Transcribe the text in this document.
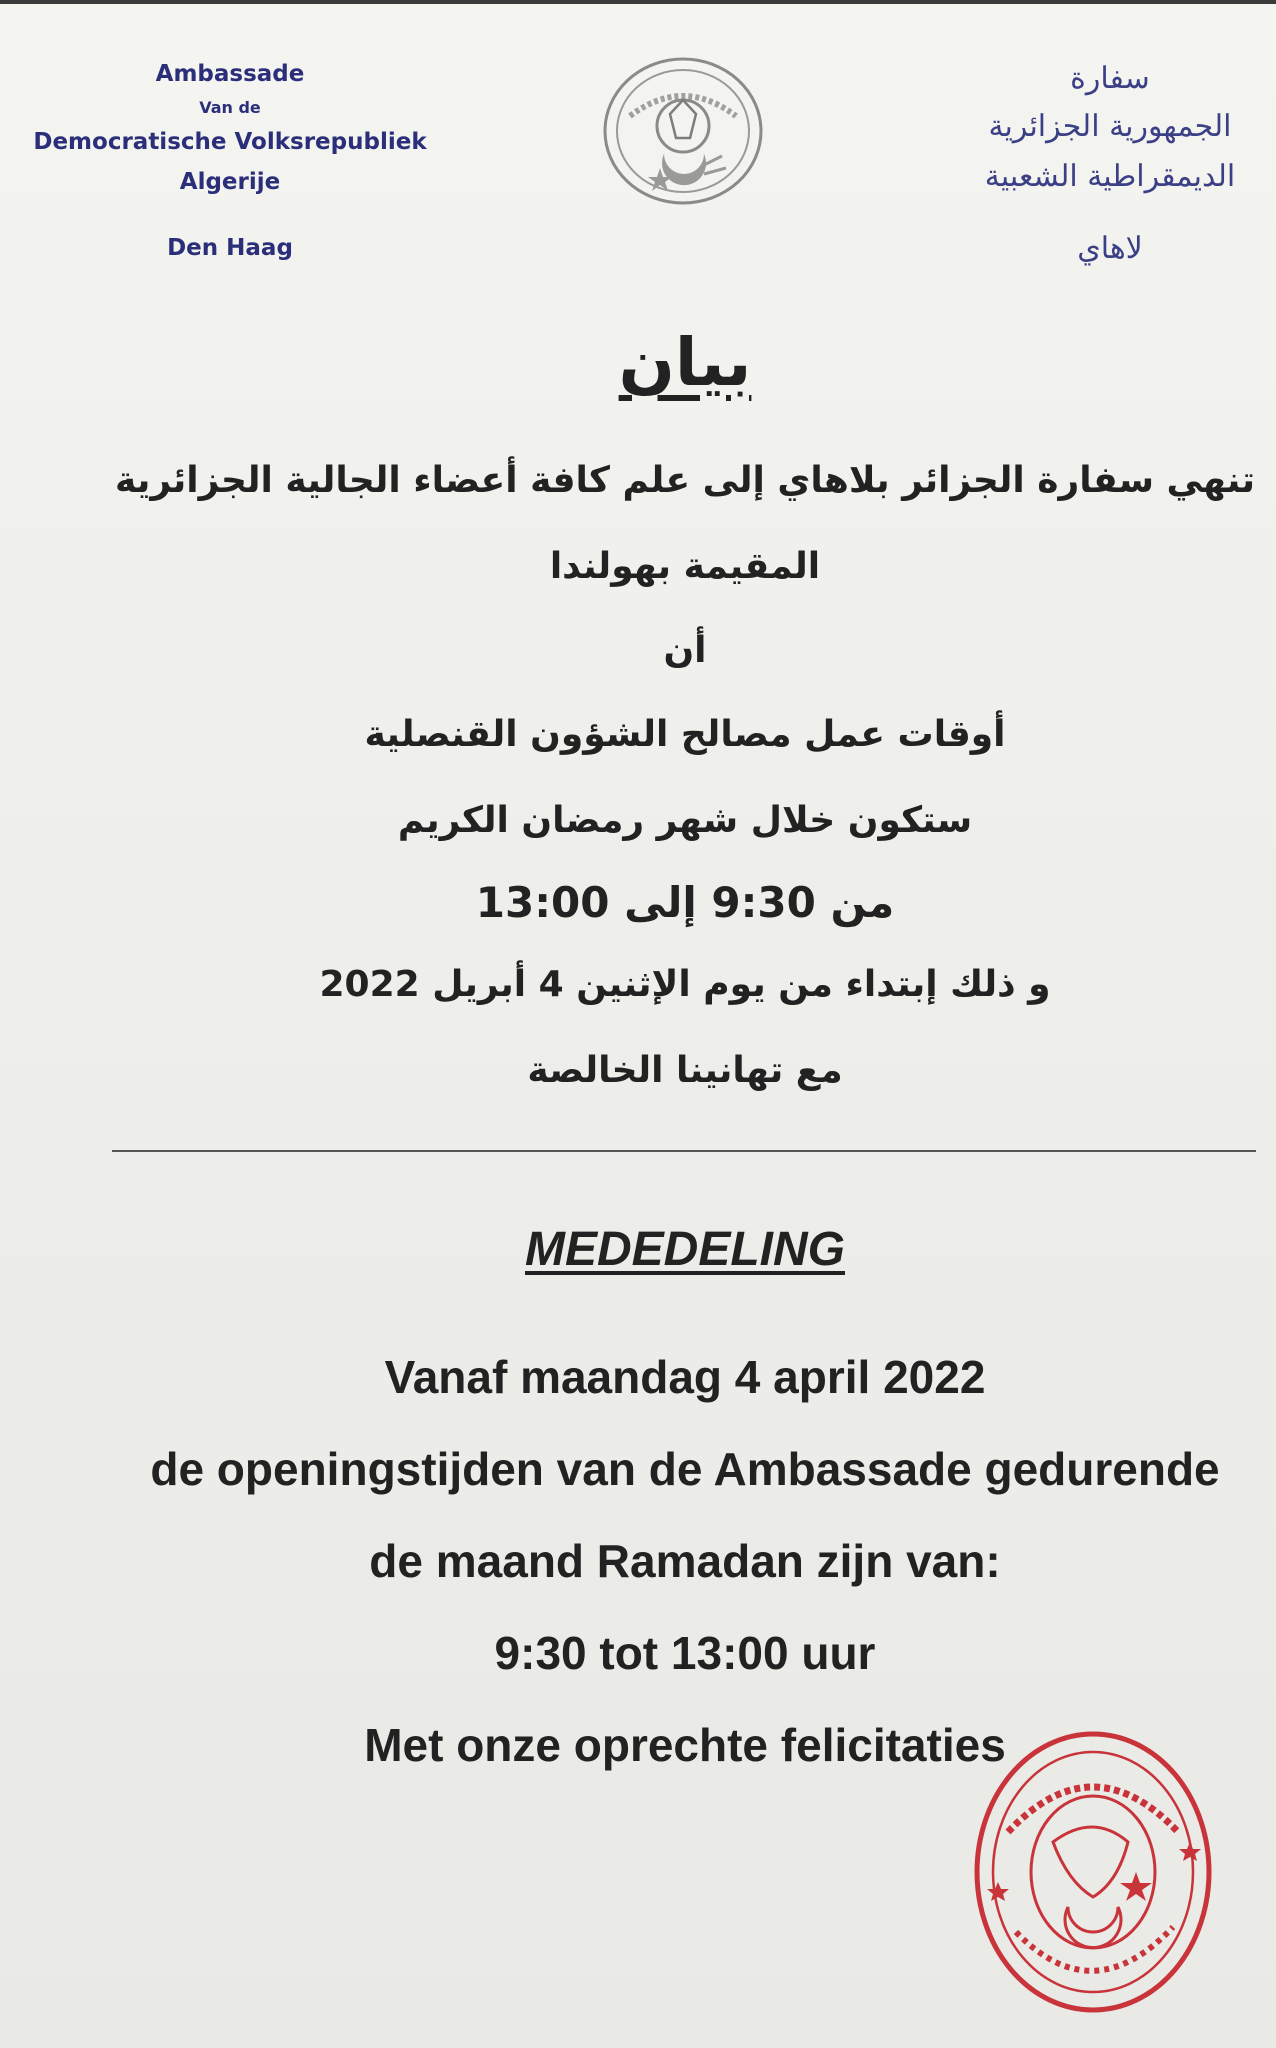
Ambassade
Van de
Democratische Volksrepubliek
Algerije
Den Haag
سفارة
الجمهورية الجزائرية
الديمقراطية الشعبية
لاهاي
بيان
تنهي سفارة الجزائر بلاهاي إلى علم كافة أعضاء الجالية الجزائرية
المقيمة بهولندا
أن
أوقات عمل مصالح الشؤون القنصلية
ستكون خلال شهر رمضان الكريم
من 9:30 إلى 13:00
و ذلك إبتداء من يوم الإثنين 4 أبريل 2022
مع تهانينا الخالصة
MEDEDELING
Vanaf maandag 4 april 2022
de openingstijden van de Ambassade gedurende
de maand Ramadan zijn van:
9:30 tot 13:00 uur
Met onze oprechte felicitaties
